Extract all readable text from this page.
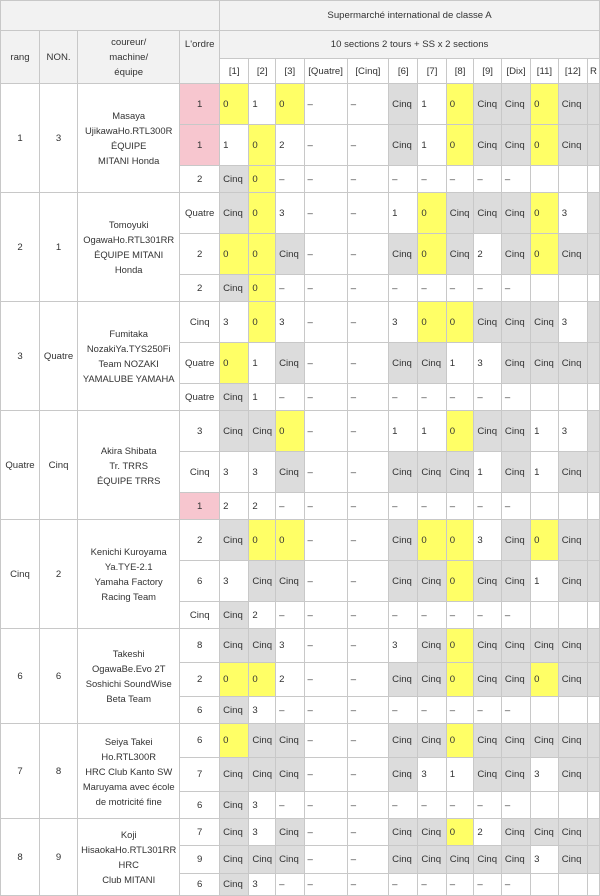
				Supermarché international de classe A												
rang	NON.	coureur/
machine/
équipe	L'ordre	10 sections 2 tours + SS x 2 sections												
				[1]	[2]	[3]	[Quatre]	[Cinq]	[6]	[7]	[8]	[9]	[Dix]	[11]	[12]	R
1	3	Masaya
UjikawaHo.RTL300R
ÉQUIPE
MITANI Honda	1	0	1	0	–	–	Cinq	1	0	Cinq	Cinq	0	Cinq	
			1	1	0	2	–	–	Cinq	1	0	Cinq	Cinq	0	Cinq	
			2	Cinq	0	–	–	–	–	–	–	–	–			
2	1	Tomoyuki
OgawaHo.RTL301RR
ÉQUIPE MITANI
Honda	Quatre	Cinq	0	3	–	–	1	0	Cinq	Cinq	Cinq	0	3	
			2	0	0	Cinq	–	–	Cinq	0	Cinq	2	Cinq	0	Cinq	
			2	Cinq	0	–	–	–	–	–	–	–	–			
3	Quatre	Fumitaka
NozakiYa.TYS250Fi
Team NOZAKI
YAMALUBE YAMAHA	Cinq	3	0	3	–	–	3	0	0	Cinq	Cinq	Cinq	3	
			Quatre	0	1	Cinq	–	–	Cinq	Cinq	1	3	Cinq	Cinq	Cinq	
			Quatre	Cinq	1	–	–	–	–	–	–	–	–			
Quatre	Cinq	Akira Shibata
Tr. TRRS
ÉQUIPE TRRS	3	Cinq	Cinq	0	–	–	1	1	0	Cinq	Cinq	1	3	
			Cinq	3	3	Cinq	–	–	Cinq	Cinq	Cinq	1	Cinq	1	Cinq	
			1	2	2	–	–	–	–	–	–	–	–			
Cinq	2	Kenichi Kuroyama
Ya.TYE-2.1
Yamaha Factory
Racing Team	2	Cinq	0	0	–	–	Cinq	0	0	3	Cinq	0	Cinq	
			6	3	Cinq	Cinq	–	–	Cinq	Cinq	0	Cinq	Cinq	1	Cinq	
			Cinq	Cinq	2	–	–	–	–	–	–	–	–			
6	6	Takeshi
OgawaBe.Evo 2T
Soshichi SoundWise
Beta Team	8	Cinq	Cinq	3	–	–	3	Cinq	0	Cinq	Cinq	Cinq	Cinq	
			2	0	0	2	–	–	Cinq	Cinq	0	Cinq	Cinq	0	Cinq	
			6	Cinq	3	–	–	–	–	–	–	–	–			
7	8	Seiya Takei
Ho.RTL300R
HRC Club Kanto SW
Maruyama avec école
de motricité fine	6	0	Cinq	Cinq	–	–	Cinq	Cinq	0	Cinq	Cinq	Cinq	Cinq	
			7	Cinq	Cinq	Cinq	–	–	Cinq	3	1	Cinq	Cinq	3	Cinq	
			6	Cinq	3	–	–	–	–	–	–	–	–			
8	9	Koji
HisaokaHo.RTL301RR
HRC
Club MITANI	7	Cinq	3	Cinq	–	–	Cinq	Cinq	0	2	Cinq	Cinq	Cinq	
			9	Cinq	Cinq	Cinq	–	–	Cinq	Cinq	Cinq	Cinq	Cinq	3	Cinq	
			6	Cinq	3	–	–	–	–	–	–	–	–			
